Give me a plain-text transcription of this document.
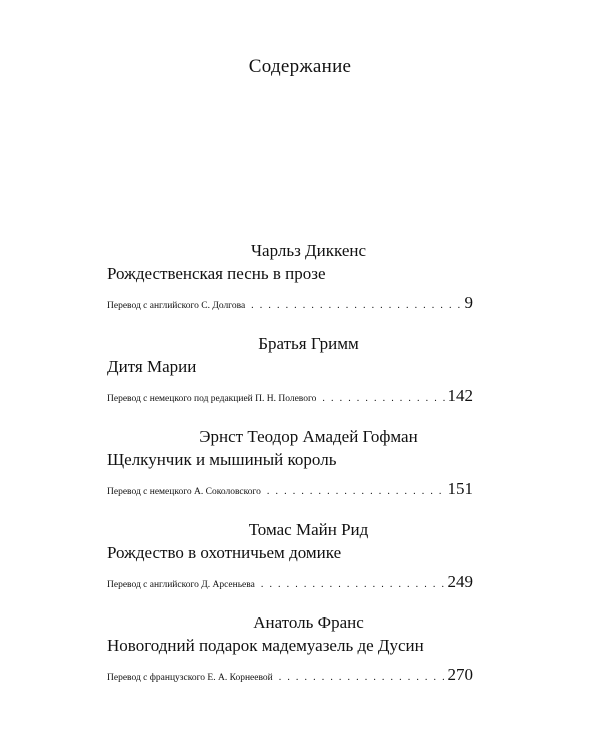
Содержание
Чарльз Диккенс
Рождественская песнь в прозе
Перевод с английского С. Долгова . . .	9
Братья Гримм
Дитя Марии
Перевод с немецкого под редакцией П. Н. Полевого . . .	142
Эрнст Теодор Амадей Гофман
Щелкунчик и мышиный король
Перевод с немецкого А. Соколовского . . .	151
Томас Майн Рид
Рождество в охотничьем домике
Перевод с английского Д. Арсеньева . . .	249
Анатоль Франс
Новогодний подарок мадемуазель де Дусин
Перевод с французского Е. А. Корнеевой . . .	270
